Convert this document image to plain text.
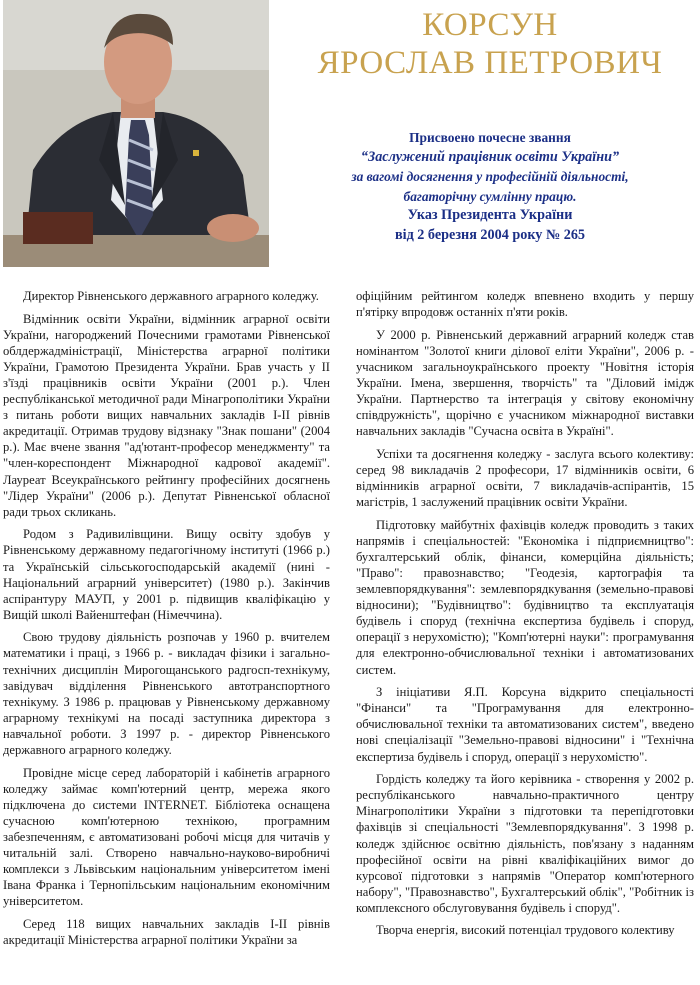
КОРСУН
ЯРОСЛАВ ПЕТРОВИЧ
Присвоено почесне звання
“Заслужений працівник освіти України”
за вагомі досягнення у професійній діяльності,
багаторічну сумлінну працю.
Указ Президента України
від 2 березня 2004 року № 265

Директор Рівненського державного аграрного коледжу.

Відмінник освіти України, відмінник аграрної освіти України, нагороджений Почесними грамотами Рівненської облдержадміністрації, Міністерства аграрної політики України, Грамотою Президента України. Брав участь у ІІ з'їзді працівників освіти України (2001 р.). Член республіканської методичної ради Мінагрополітики України з питань роботи вищих навчальних закладів І-ІІ рівнів акредитації. Отримав трудову відзнаку "Знак пошани" (2004 р.). Має вчене звання "ад'ютант-професор менеджменту" та "член-кореспондент Міжнародної кадрової академії". Лауреат Всеукраїнського рейтингу професійних досягнень "Лідер України" (2006 р.). Депутат Рівненської обласної ради трьох скликань.

Родом з Радивилівщини. Вищу освіту здобув у Рівненському державному педагогічному інституті (1966 р.) та Українській сільськогосподарській академії (нині - Національний аграрний університет) (1980 р.). Закінчив аспірантуру МАУП, у 2001 р. підвищив кваліфікацію у Вищій школі Вайенштефан (Німеччина).

Свою трудову діяльність розпочав у 1960 р. вчителем математики і праці, з 1966 р. - викладач фізики і загально-технічних дисциплін Мирогощанського радгосп-технікуму, завідувач відділення Рівненського автотранспортного технікуму. З 1986 р. працював у Рівненському державному аграрному технікумі на посаді заступника директора з навчальної роботи. З 1997 р. - директор Рівненського державного аграрного коледжу.

Провідне місце серед лабораторій і кабінетів аграрного коледжу займає комп'ютерний центр, мережа якого підключена до системи INTERNET. Бібліотека оснащена сучасною комп'ютерною технікою, програмним забезпеченням, є автоматизовані робочі місця для читачів у читальній залі. Створено навчально-науково-виробничі комплекси з Львівським національним університетом імені Івана Франка і Тернопільським національним економічним університетом.

Серед 118 вищих навчальних закладів І-ІІ рівнів акредитації Міністерства аграрної політики України за

офіційним рейтингом коледж впевнено входить у першу п'ятірку впродовж останніх п'яти років.

У 2000 р. Рівненський державний аграрний коледж став номінантом "Золотої книги ділової еліти України", 2006 р. - учасником загальноукраїнського проекту "Новітня історія України. Імена, звершення, творчість" та "Діловий імідж України. Партнерство та інтеграція у світову економічну співдружність", щорічно є учасником міжнародної виставки навчальних закладів "Сучасна освіта в Україні".

Успіхи та досягнення коледжу - заслуга всього колективу: серед 98 викладачів 2 професори, 17 відмінників освіти, 6 відмінників аграрної освіти, 7 викладачів-аспірантів, 15 магістрів, 1 заслужений працівник освіти України.

Підготовку майбутніх фахівців коледж проводить з таких напрямів і спеціальностей: "Економіка і підприємництво": бухгалтерський облік, фінанси, комерційна діяльність; "Право": правознавство; "Геодезія, картографія та землевпорядкування": землевпорядкування (земельно-правові відносини); "Будівництво": будівництво та експлуатація будівель і споруд (технічна експертиза будівель і споруд, операції з нерухомістю); "Комп'ютерні науки": програмування для електронно-обчислювальної техніки і автоматизованих систем.

З ініціативи Я.П. Корсуна відкрито спеціальності "Фінанси" та "Програмування для електронно-обчислювальної техніки та автоматизованих систем", введено нові спеціалізації "Земельно-правові відносини" і "Технічна експертиза будівель і споруд, операції з нерухомістю".

Гордість коледжу та його керівника - створення у 2002 р. республіканського навчально-практичного центру Мінагрополітики України з підготовки та перепідготовки фахівців зі спеціальності "Землевпорядкування". З 1998 р. коледж здійснює освітню діяльність, пов'язану з наданням професійної освіти на рівні кваліфікаційних вимог до курсової підготовки з напрямів "Оператор комп'ютерного набору", "Правознавство", Бухгалтерський облік", "Робітник із комплексного обслуговування будівель і споруд".

Творча енергія, високий потенціал трудового колективу
